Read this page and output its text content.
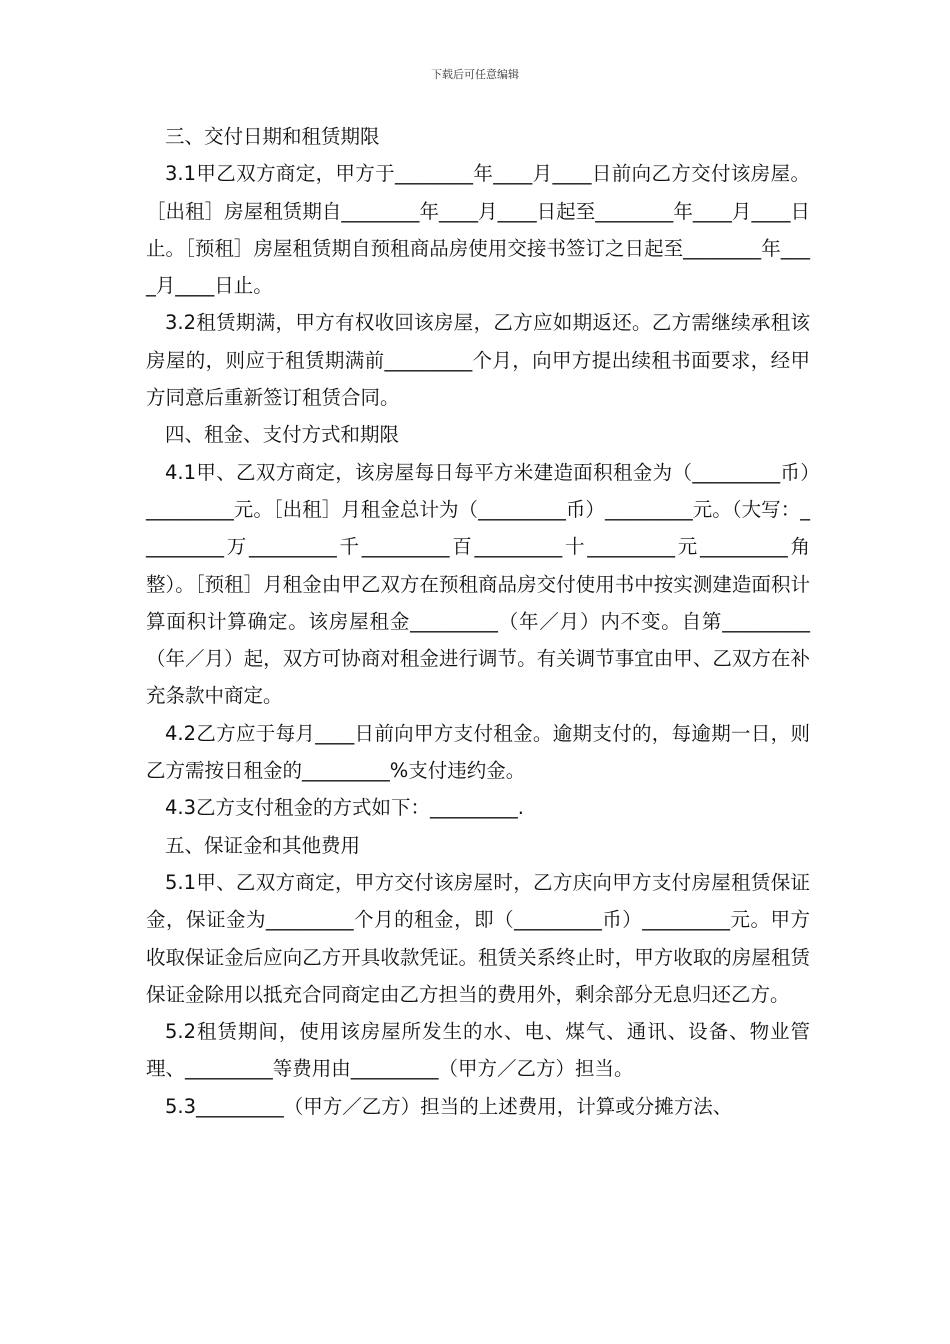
下载后可任意编辑

三、交付日期和租赁期限

3.1甲乙双方商定，甲方于________年____月____日前向乙方交付该房屋。［出租］房屋租赁期自________年____月____日起至________年____月____日止。［预租］房屋租赁期自预租商品房使用交接书签订之日起至________年____月____日止。

3.2租赁期满，甲方有权收回该房屋，乙方应如期返还。乙方需继续承租该房屋的，则应于租赁期满前_________个月，向甲方提出续租书面要求，经甲方同意后重新签订租赁合同。

四、租金、支付方式和期限

4.1甲、乙双方商定，该房屋每日每平方米建造面积租金为（_________币）_________元。［出租］月租金总计为（_________币）_________元。（大写：_________万_________千_________百_________十_________元_________角整）。［预租］月租金由甲乙双方在预租商品房交付使用书中按实测建造面积计算面积计算确定。该房屋租金_________（年／月）内不变。自第_________（年／月）起，双方可协商对租金进行调节。有关调节事宜由甲、乙双方在补充条款中商定。

4.2乙方应于每月____日前向甲方支付租金。逾期支付的，每逾期一日，则乙方需按日租金的_________%支付违约金。

4.3乙方支付租金的方式如下：_________.

五、保证金和其他费用

5.1甲、乙双方商定，甲方交付该房屋时，乙方庆向甲方支付房屋租赁保证金，保证金为_________个月的租金，即（_________币）_________元。甲方收取保证金后应向乙方开具收款凭证。租赁关系终止时，甲方收取的房屋租赁保证金除用以抵充合同商定由乙方担当的费用外，剩余部分无息归还乙方。

5.2租赁期间，使用该房屋所发生的水、电、煤气、通讯、设备、物业管理、_________等费用由_________（甲方／乙方）担当。

5.3_________（甲方／乙方）担当的上述费用，计算或分摊方法、
